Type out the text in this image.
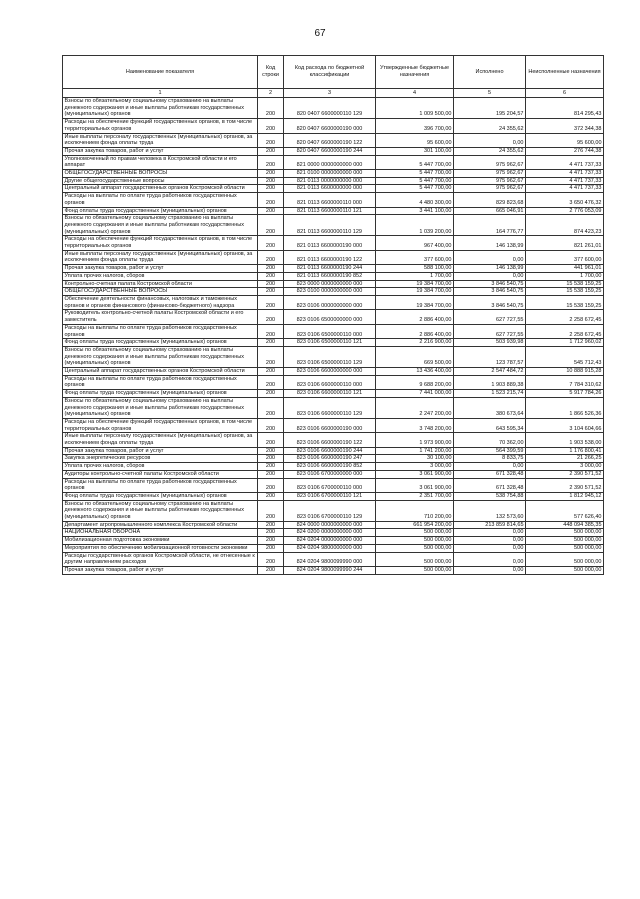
67
Наименование показателя	Код строки	Код расхода по бюджетной классификации	Утвержденные бюджетные назначения	Исполнено	Неисполненные назначения
1	2	3	4	5	6
Взносы по обязательному социальному страхованию на выплаты денежного содержания и иные выплаты работникам государственных (муниципальных) органов	200	820 0407 6600000110 129	1 009 500,00	195 204,57	814 295,43
Расходы на обеспечение функций государственных органов, в том числе территориальных органов	200	820 0407 6600000190 000	396 700,00	24 355,62	372 344,38
Иные выплаты персоналу государственных (муниципальных) органов, за исключением фонда оплаты труда	200	820 0407 6600000190 122	95 600,00	0,00	95 600,00
Прочая закупка товаров, работ и услуг	200	820 0407 6600000190 244	301 100,00	24 355,62	276 744,38
Уполномоченный по правам человека в Костромской области и его аппарат	200	821 0000 0000000000 000	5 447 700,00	975 962,67	4 471 737,33
ОБЩЕГОСУДАРСТВЕННЫЕ ВОПРОСЫ	200	821 0100 0000000000 000	5 447 700,00	975 962,67	4 471 737,33
Другие общегосударственные вопросы	200	821 0113 0000000000 000	5 447 700,00	975 962,67	4 471 737,33
Центральный аппарат государственных органов Костромской области	200	821 0113 6600000000 000	5 447 700,00	975 962,67	4 471 737,33
Расходы на выплаты по оплате труда работников государственных органов	200	821 0113 6600000110 000	4 480 300,00	829 823,68	3 650 476,32
Фонд оплаты труда государственных (муниципальных) органов	200	821 0113 6600000110 121	3 441 100,00	665 046,91	2 776 053,09
Взносы по обязательному социальному страхованию на выплаты денежного содержания и иные выплаты работникам государственных (муниципальных) органов	200	821 0113 6600000110 129	1 039 200,00	164 776,77	874 423,23
Расходы на обеспечение функций государственных органов, в том числе территориальных органов	200	821 0113 6600000190 000	967 400,00	146 138,99	821 261,01
Иные выплаты персоналу государственных (муниципальных) органов, за исключением фонда оплаты труда	200	821 0113 6600000190 122	377 600,00	0,00	377 600,00
Прочая закупка товаров, работ и услуг	200	821 0113 6600000190 244	588 100,00	146 138,99	441 961,01
Уплата прочих налогов, сборов	200	821 0113 6600000190 852	1 700,00	0,00	1 700,00
Контрольно-счетная палата Костромской области	200	823 0000 0000000000 000	19 384 700,00	3 846 540,75	15 538 159,25
ОБЩЕГОСУДАРСТВЕННЫЕ ВОПРОСЫ	200	823 0100 0000000000 000	19 384 700,00	3 846 540,75	15 538 159,25
Обеспечение деятельности финансовых, налоговых и таможенных органов и органов финансового (финансово-бюджетного) надзора	200	823 0106 0000000000 000	19 384 700,00	3 846 540,75	15 538 159,25
Руководитель контрольно-счетной палаты Костромской области и его заместитель	200	823 0106 6500000000 000	2 886 400,00	627 727,55	2 258 672,45
Расходы на выплаты по оплате труда работников государственных органов	200	823 0106 6500000110 000	2 886 400,00	627 727,55	2 258 672,45
Фонд оплаты труда государственных (муниципальных) органов	200	823 0106 6500000110 121	2 216 900,00	503 939,98	1 712 960,02
Взносы по обязательному социальному страхованию на выплаты денежного содержания и иные выплаты работникам государственных (муниципальных) органов	200	823 0106 6500000110 129	669 500,00	123 787,57	545 712,43
Центральный аппарат государственных органов Костромской области	200	823 0106 6600000000 000	13 436 400,00	2 547 484,72	10 888 915,28
Расходы на выплаты по оплате труда работников государственных органов	200	823 0106 6600000110 000	9 688 200,00	1 903 889,38	7 784 310,62
Фонд оплаты труда государственных (муниципальных) органов	200	823 0106 6600000110 121	7 441 000,00	1 523 215,74	5 917 784,26
Взносы по обязательному социальному страхованию на выплаты денежного содержания и иные выплаты работникам государственных (муниципальных) органов	200	823 0106 6600000110 129	2 247 200,00	380 673,64	1 866 526,36
Расходы на обеспечение функций государственных органов, в том числе территориальных органов	200	823 0106 6600000190 000	3 748 200,00	643 595,34	3 104 604,66
Иные выплаты персоналу государственных (муниципальных) органов, за исключением фонда оплаты труда	200	823 0106 6600000190 122	1 973 900,00	70 362,00	1 903 538,00
Прочая закупка товаров, работ и услуг	200	823 0106 6600000190 244	1 741 200,00	564 399,59	1 176 800,41
Закупка энергетических ресурсов	200	823 0106 6600000190 247	30 100,00	8 833,75	21 266,25
Уплата прочих налогов, сборов	200	823 0106 6600000190 852	3 000,00	0,00	3 000,00
Аудиторы контрольно-счетной палаты Костромской области	200	823 0106 6700000000 000	3 061 900,00	671 328,48	2 390 571,52
Расходы на выплаты по оплате труда работников государственных органов	200	823 0106 6700000110 000	3 061 900,00	671 328,48	2 390 571,52
Фонд оплаты труда государственных (муниципальных) органов	200	823 0106 6700000110 121	2 351 700,00	538 754,88	1 812 945,12
Взносы по обязательному социальному страхованию на выплаты денежного содержания и иные выплаты работникам государственных (муниципальных) органов	200	823 0106 6700000110 129	710 200,00	132 573,60	577 626,40
Департамент агропромышленного комплекса Костромской области	200	824 0000 0000000000 000	661 954 200,00	213 859 814,65	448 094 385,35
НАЦИОНАЛЬНАЯ ОБОРОНА	200	824 0200 0000000000 000	500 000,00	0,00	500 000,00
Мобилизационная подготовка экономики	200	824 0204 0000000000 000	500 000,00	0,00	500 000,00
Мероприятия по обеспечению мобилизационной готовности экономики	200	824 0204 9800000000 000	500 000,00	0,00	500 000,00
Расходы государственных органов Костромской области, не отнесенные к другим направлениям расходов	200	824 0204 9800099990 000	500 000,00	0,00	500 000,00
Прочая закупка товаров, работ и услуг	200	824 0204 9800099990 244	500 000,00	0,00	500 000,00
